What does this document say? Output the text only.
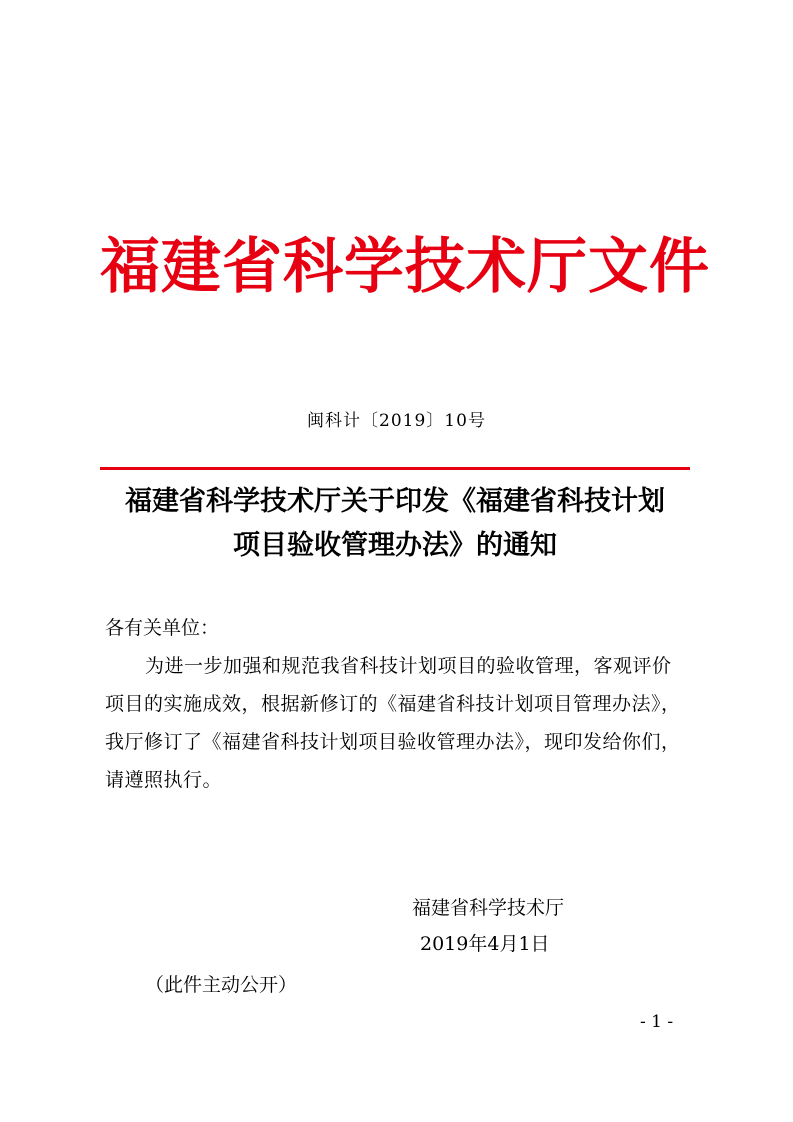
福建省科学技术厅文件
闽科计〔2019〕10号
福建省科学技术厅关于印发《福建省科技计划
项目验收管理办法》的通知

各有关单位：

为进一步加强和规范我省科技计划项目的验收管理，客观评价项目的实施成效，根据新修订的《福建省科技计划项目管理办法》，我厅修订了《福建省科技计划项目验收管理办法》，现印发给你们，请遵照执行。

福建省科学技术厅
2019年4月1日
（此件主动公开）
- 1 -
